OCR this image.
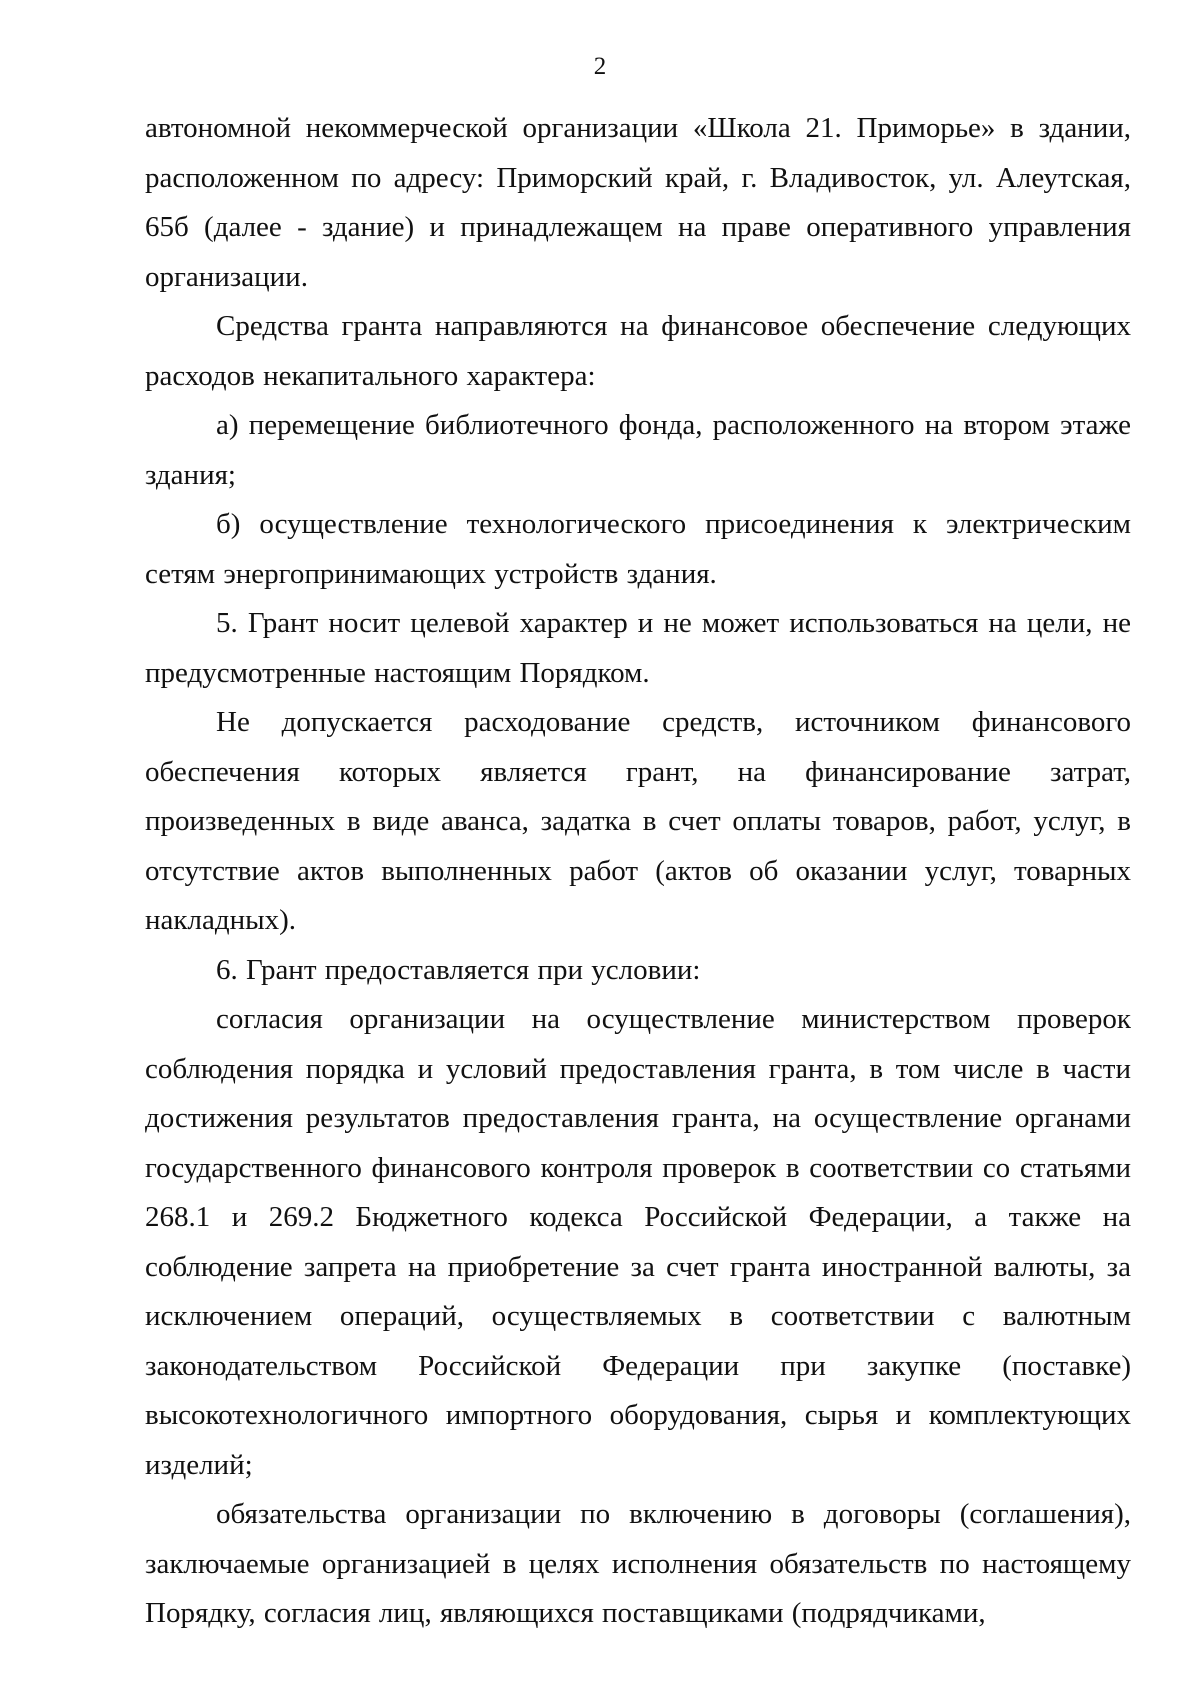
2

автономной некоммерческой организации «Школа 21. Приморье» в здании, расположенном по адресу: Приморский край, г. Владивосток, ул. Алеутская, 65б (далее - здание) и принадлежащем на праве оперативного управления организации.

Средства гранта направляются на финансовое обеспечение следующих расходов некапитального характера:

а) перемещение библиотечного фонда, расположенного на втором этаже здания;

б) осуществление технологического присоединения к электрическим сетям энергопринимающих устройств здания.

5. Грант носит целевой характер и не может использоваться на цели, не предусмотренные настоящим Порядком.

Не допускается расходование средств, источником финансового обеспечения которых является грант, на финансирование затрат, произведенных в виде аванса, задатка в счет оплаты товаров, работ, услуг, в отсутствие актов выполненных работ (актов об оказании услуг, товарных накладных).

6. Грант предоставляется при условии:

согласия организации на осуществление министерством проверок соблюдения порядка и условий предоставления гранта, в том числе в части достижения результатов предоставления гранта, на осуществление органами государственного финансового контроля проверок в соответствии со статьями 268.1 и 269.2 Бюджетного кодекса Российской Федерации, а также на соблюдение запрета на приобретение за счет гранта иностранной валюты, за исключением операций, осуществляемых в соответствии с валютным законодательством Российской Федерации при закупке (поставке) высокотехнологичного импортного оборудования, сырья и комплектующих изделий;

обязательства организации по включению в договоры (соглашения), заключаемые организацией в целях исполнения обязательств по настоящему Порядку, согласия лиц, являющихся поставщиками (подрядчиками,
